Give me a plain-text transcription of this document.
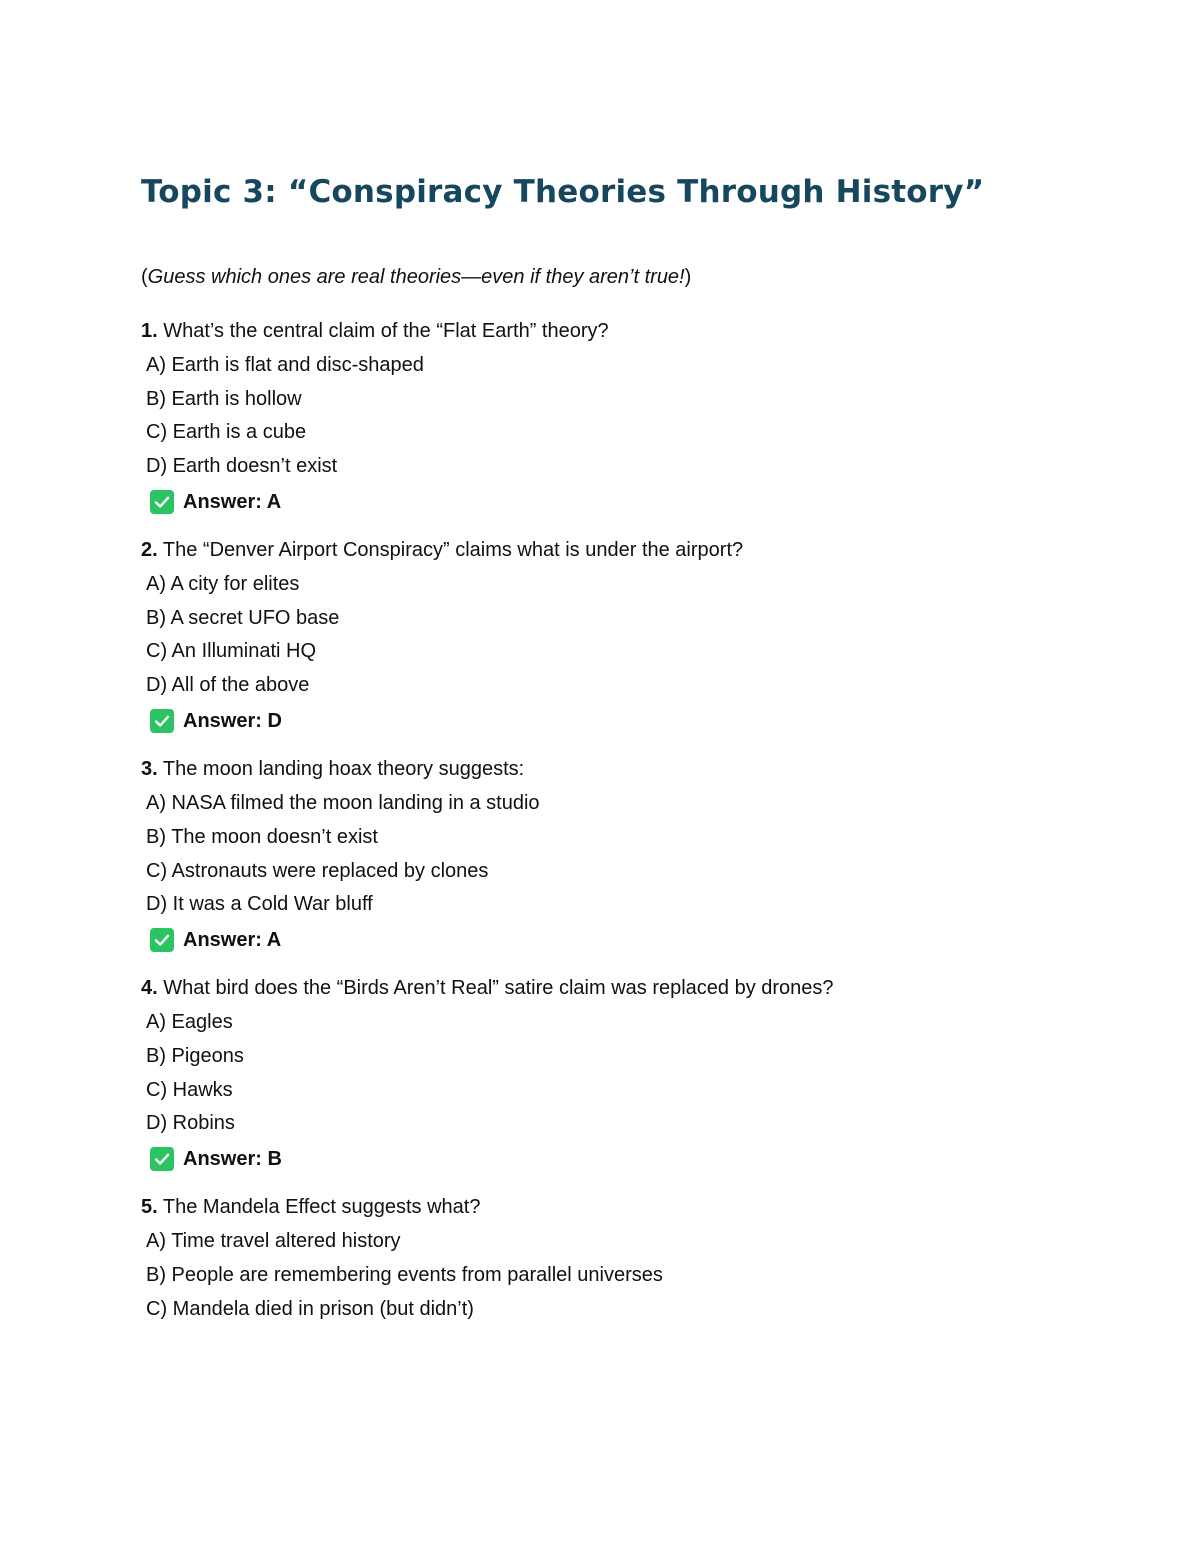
Topic 3: “Conspiracy Theories Through History”
(Guess which ones are real theories—even if they aren’t true!)
1. What’s the central claim of the “Flat Earth” theory?
A) Earth is flat and disc-shaped
B) Earth is hollow
C) Earth is a cube
D) Earth doesn’t exist
Answer: A
2. The “Denver Airport Conspiracy” claims what is under the airport?
A) A city for elites
B) A secret UFO base
C) An Illuminati HQ
D) All of the above
Answer: D
3. The moon landing hoax theory suggests:
A) NASA filmed the moon landing in a studio
B) The moon doesn’t exist
C) Astronauts were replaced by clones
D) It was a Cold War bluff
Answer: A
4. What bird does the “Birds Aren’t Real” satire claim was replaced by drones?
A) Eagles
B) Pigeons
C) Hawks
D) Robins
Answer: B
5. The Mandela Effect suggests what?
A) Time travel altered history
B) People are remembering events from parallel universes
C) Mandela died in prison (but didn’t)
